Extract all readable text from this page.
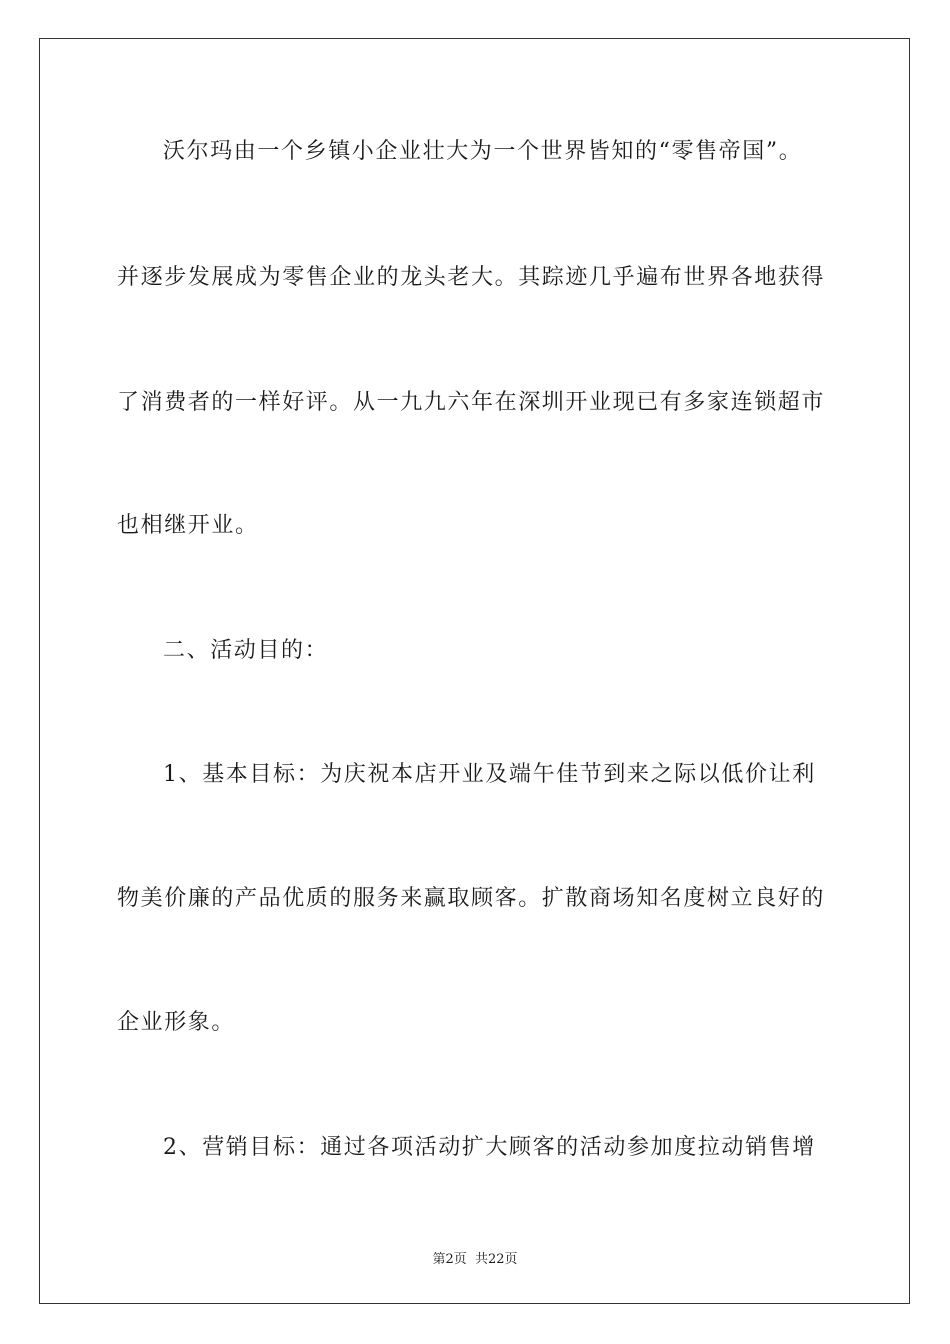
沃尔玛由一个乡镇小企业壮大为一个世界皆知的“零售帝国”。
并逐步发展成为零售企业的龙头老大。其踪迹几乎遍布世界各地获得
了消费者的一样好评。从一九九六年在深圳开业现已有多家连锁超市
也相继开业。
二、活动目的：
1、基本目标：为庆祝本店开业及端午佳节到来之际以低价让利
物美价廉的产品优质的服务来赢取顾客。扩散商场知名度树立良好的
企业形象。
2、营销目标：通过各项活动扩大顾客的活动参加度拉动销售增
第2页 共22页
